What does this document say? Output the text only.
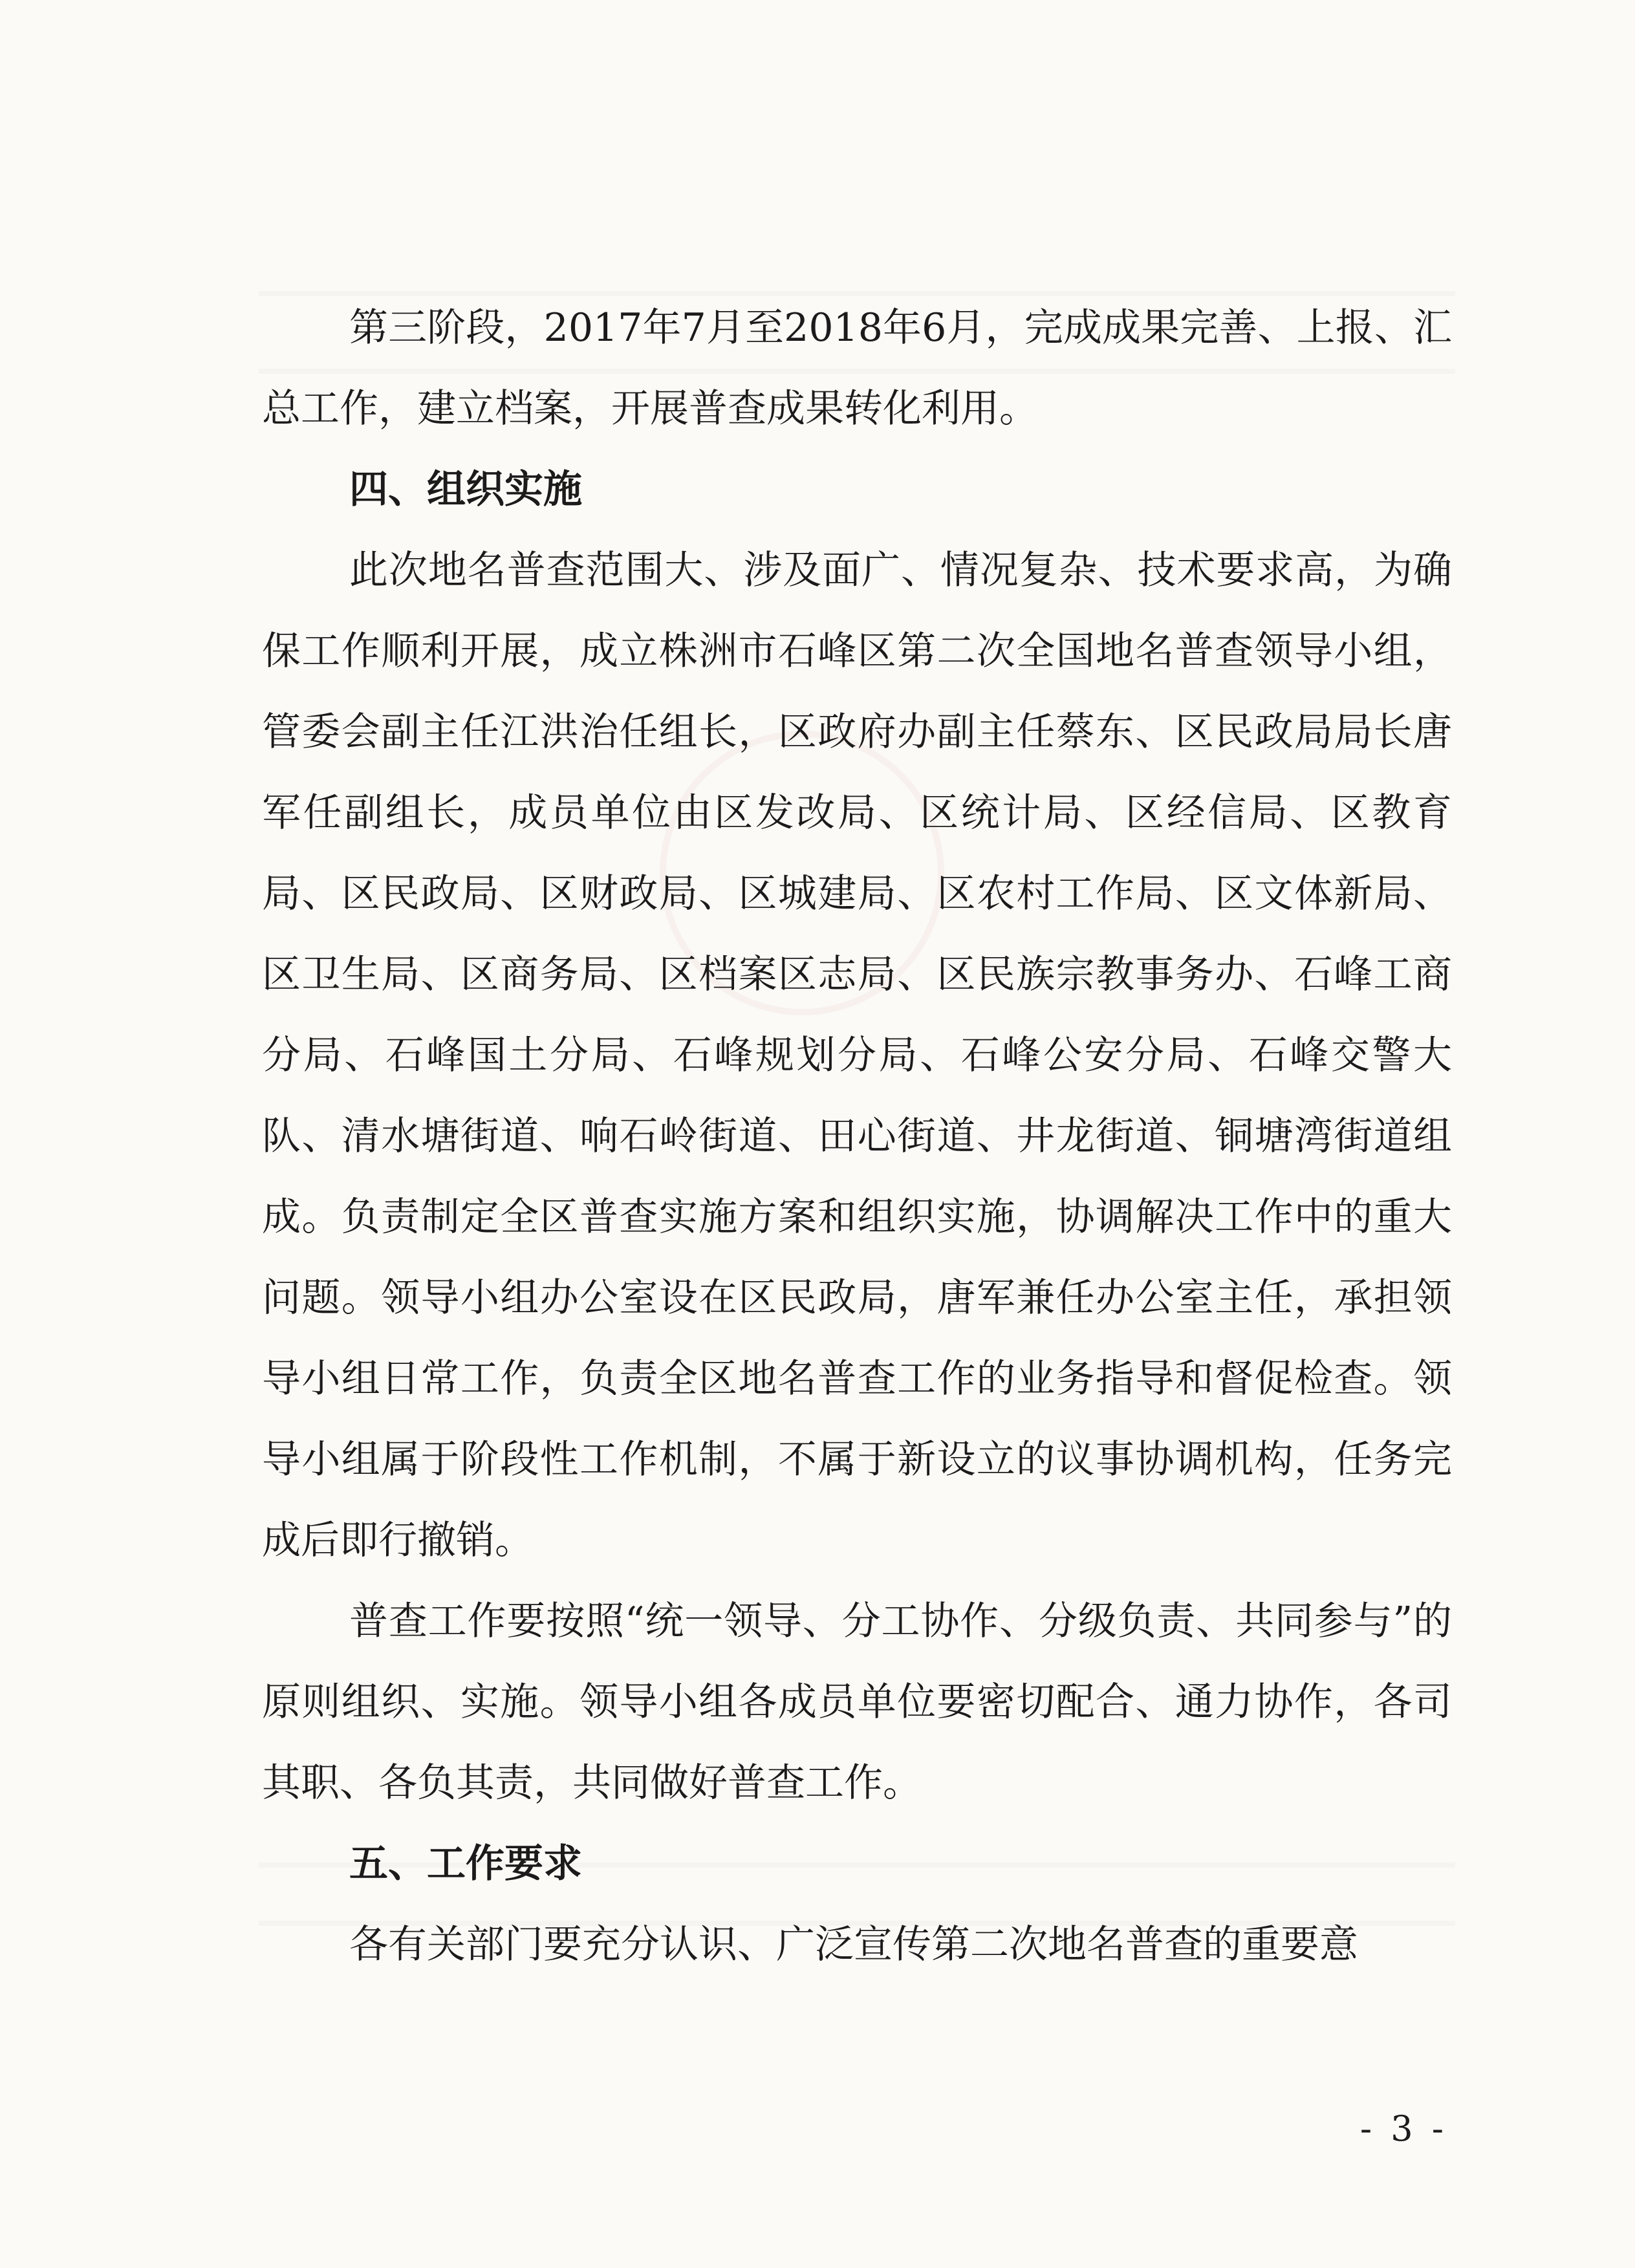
第三阶段，2017年7月至2018年6月，完成成果完善、上报、汇总工作，建立档案，开展普查成果转化利用。

四、组织实施

此次地名普查范围大、涉及面广、情况复杂、技术要求高，为确保工作顺利开展，成立株洲市石峰区第二次全国地名普查领导小组，管委会副主任江洪治任组长，区政府办副主任蔡东、区民政局局长唐军任副组长，成员单位由区发改局、区统计局、区经信局、区教育局、区民政局、区财政局、区城建局、区农村工作局、区文体新局、区卫生局、区商务局、区档案区志局、区民族宗教事务办、石峰工商分局、石峰国土分局、石峰规划分局、石峰公安分局、石峰交警大队、清水塘街道、响石岭街道、田心街道、井龙街道、铜塘湾街道组成。负责制定全区普查实施方案和组织实施，协调解决工作中的重大问题。领导小组办公室设在区民政局，唐军兼任办公室主任，承担领导小组日常工作，负责全区地名普查工作的业务指导和督促检查。领导小组属于阶段性工作机制，不属于新设立的议事协调机构，任务完成后即行撤销。

普查工作要按照“统一领导、分工协作、分级负责、共同参与”的原则组织、实施。领导小组各成员单位要密切配合、通力协作，各司其职、各负其责，共同做好普查工作。

五、工作要求

各有关部门要充分认识、广泛宣传第二次地名普查的重要意

- 3 -
